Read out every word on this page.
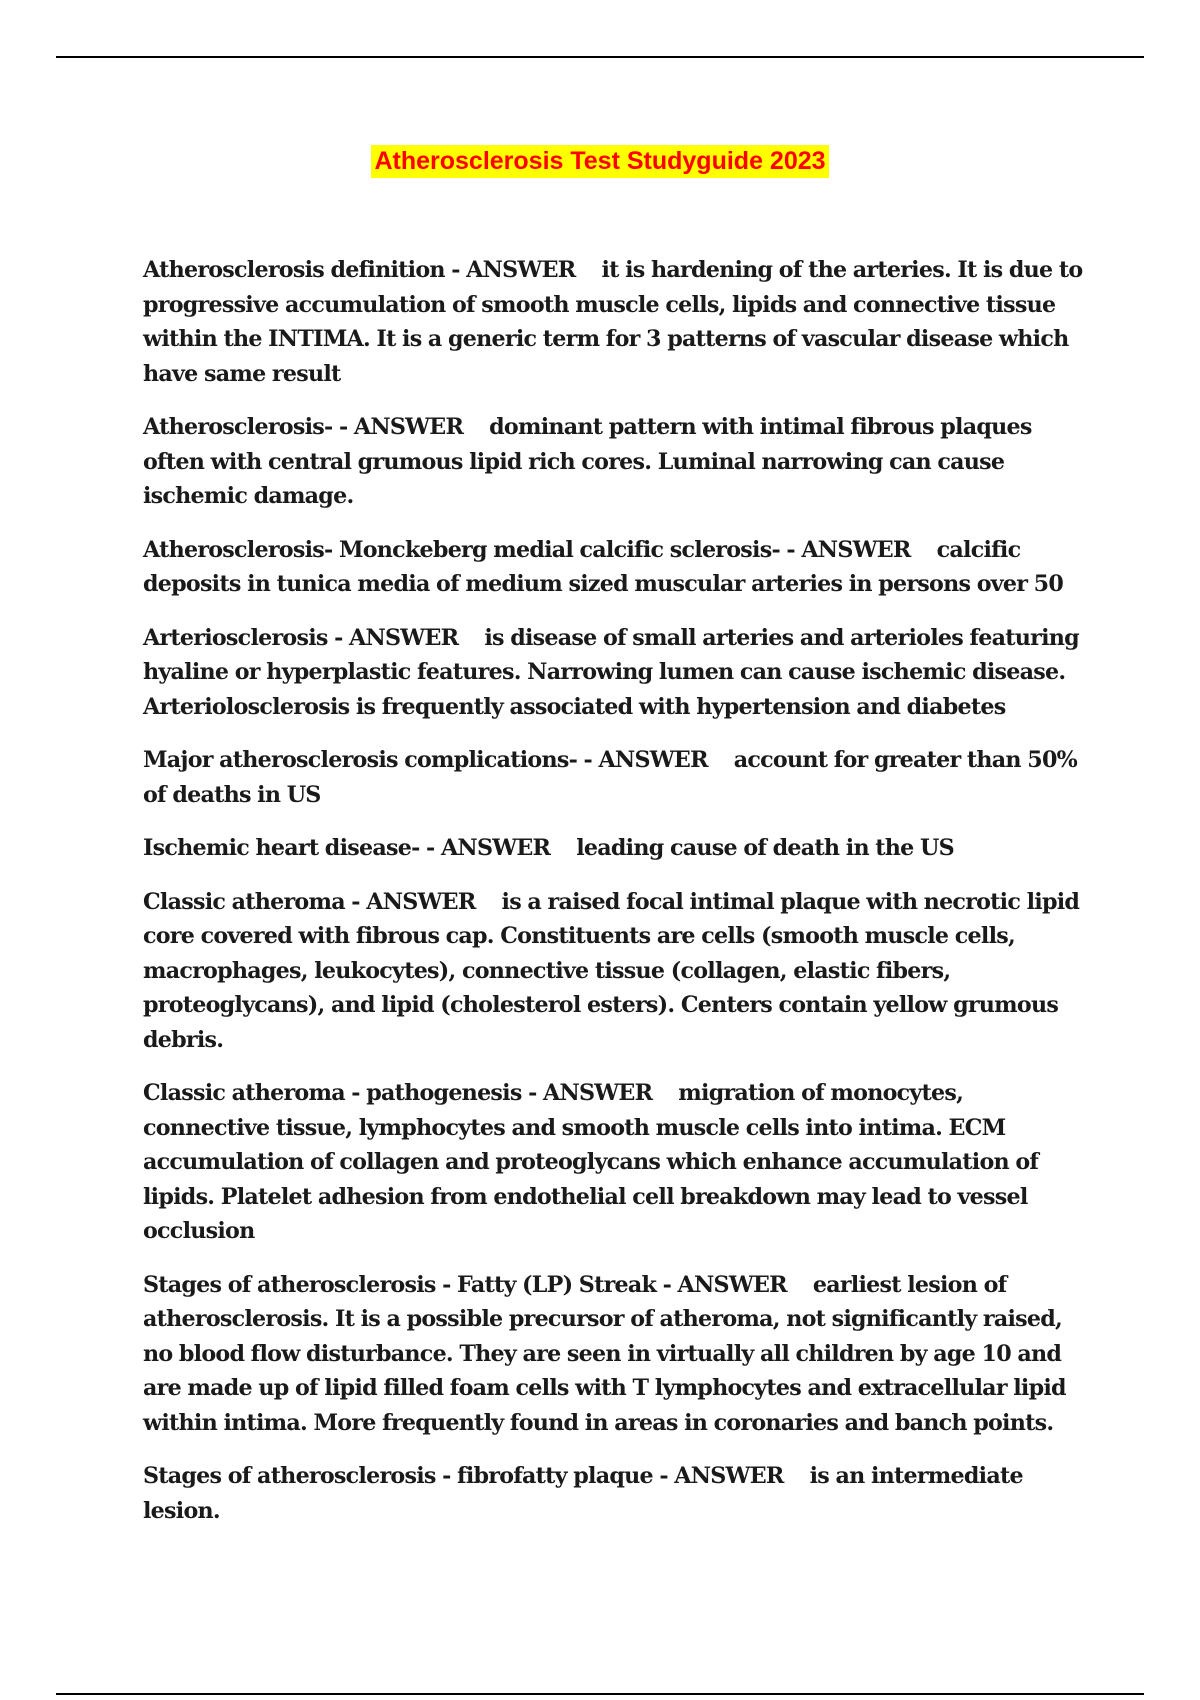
Atherosclerosis Test Studyguide 2023

Atherosclerosis definition - ANSWER it is hardening of the arteries. It is due to progressive accumulation of smooth muscle cells, lipids and connective tissue within the INTIMA. It is a generic term for 3 patterns of vascular disease which have same result

Atherosclerosis- - ANSWER dominant pattern with intimal fibrous plaques often with central grumous lipid rich cores. Luminal narrowing can cause ischemic damage.

Atherosclerosis- Monckeberg medial calcific sclerosis- - ANSWER calcific deposits in tunica media of medium sized muscular arteries in persons over 50

Arteriosclerosis - ANSWER is disease of small arteries and arterioles featuring hyaline or hyperplastic features. Narrowing lumen can cause ischemic disease. Arteriolosclerosis is frequently associated with hypertension and diabetes

Major atherosclerosis complications- - ANSWER account for greater than 50% of deaths in US

Ischemic heart disease- - ANSWER leading cause of death in the US

Classic atheroma - ANSWER is a raised focal intimal plaque with necrotic lipid core covered with fibrous cap. Constituents are cells (smooth muscle cells, macrophages, leukocytes), connective tissue (collagen, elastic fibers, proteoglycans), and lipid (cholesterol esters). Centers contain yellow grumous debris.

Classic atheroma - pathogenesis - ANSWER migration of monocytes, connective tissue, lymphocytes and smooth muscle cells into intima. ECM accumulation of collagen and proteoglycans which enhance accumulation of lipids. Platelet adhesion from endothelial cell breakdown may lead to vessel occlusion

Stages of atherosclerosis - Fatty (LP) Streak - ANSWER earliest lesion of atherosclerosis. It is a possible precursor of atheroma, not significantly raised, no blood flow disturbance. They are seen in virtually all children by age 10 and are made up of lipid filled foam cells with T lymphocytes and extracellular lipid within intima. More frequently found in areas in coronaries and banch points.

Stages of atherosclerosis - fibrofatty plaque - ANSWER is an intermediate lesion.
